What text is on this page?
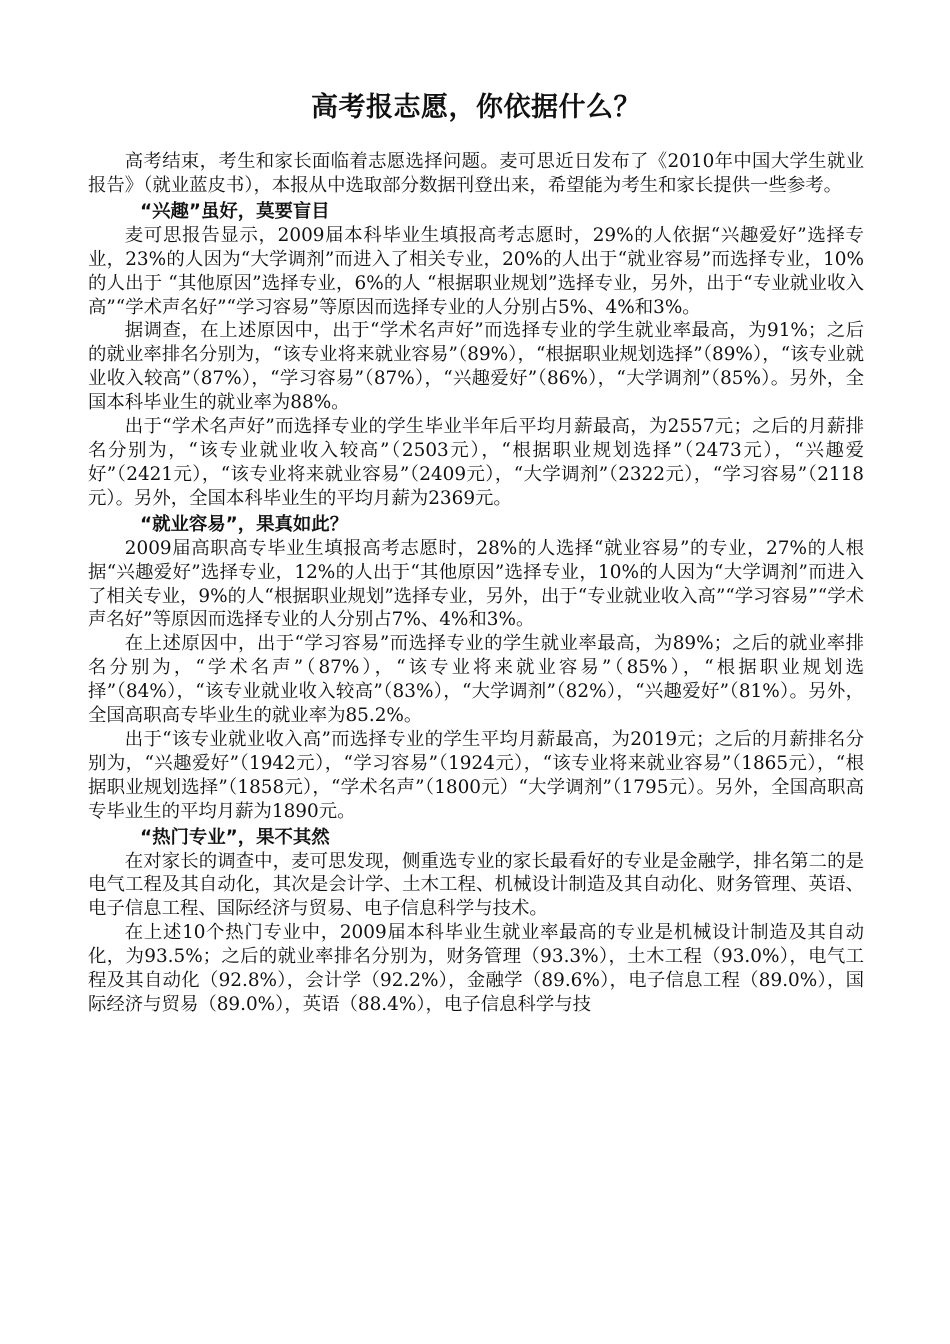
高考报志愿，你依据什么？

高考结束，考生和家长面临着志愿选择问题。麦可思近日发布了《2010年中国大学生就业报告》（就业蓝皮书），本报从中选取部分数据刊登出来，希望能为考生和家长提供一些参考。

“兴趣”虽好，莫要盲目

麦可思报告显示，2009届本科毕业生填报高考志愿时，29%的人依据“兴趣爱好”选择专业，23%的人因为“大学调剂”而进入了相关专业，20%的人出于“就业容易”而选择专业，10%的人出于 “其他原因”选择专业，6%的人 “根据职业规划”选择专业，另外，出于“专业就业收入高”“学术声名好”“学习容易”等原因而选择专业的人分别占5%、4%和3%。

据调查，在上述原因中，出于“学术名声好”而选择专业的学生就业率最高，为91%；之后的就业率排名分别为，“该专业将来就业容易”（89%），“根据职业规划选择”（89%），“该专业就业收入较高”（87%），“学习容易”（87%），“兴趣爱好”（86%），“大学调剂”（85%）。另外，全国本科毕业生的就业率为88%。

出于“学术名声好”而选择专业的学生毕业半年后平均月薪最高，为2557元；之后的月薪排名分别为，“该专业就业收入较高”（2503元），“根据职业规划选择”（2473元），“兴趣爱好”（2421元），“该专业将来就业容易”（2409元），“大学调剂”（2322元），“学习容易”（2118元）。另外，全国本科毕业生的平均月薪为2369元。

“就业容易”，果真如此？

2009届高职高专毕业生填报高考志愿时，28%的人选择“就业容易”的专业，27%的人根据“兴趣爱好”选择专业，12%的人出于“其他原因”选择专业，10%的人因为“大学调剂”而进入了相关专业，9%的人“根据职业规划”选择专业，另外，出于“专业就业收入高”“学习容易”“学术声名好”等原因而选择专业的人分别占7%、4%和3%。

在上述原因中，出于“学习容易”而选择专业的学生就业率最高，为89%；之后的就业率排名分别为，“学术名声”（87%），“该专业将来就业容易”（85%），“根据职业规划选择”（84%），“该专业就业收入较高”（83%），“大学调剂”（82%），“兴趣爱好”（81%）。另外，全国高职高专毕业生的就业率为85.2%。

出于“该专业就业收入高”而选择专业的学生平均月薪最高，为2019元；之后的月薪排名分别为，“兴趣爱好”（1942元），“学习容易”（1924元），“该专业将来就业容易”（1865元），“根据职业规划选择”（1858元），“学术名声”（1800元）“大学调剂”（1795元）。另外，全国高职高专毕业生的平均月薪为1890元。

“热门专业”，果不其然

在对家长的调查中，麦可思发现，侧重选专业的家长最看好的专业是金融学，排名第二的是电气工程及其自动化，其次是会计学、土木工程、机械设计制造及其自动化、财务管理、英语、电子信息工程、国际经济与贸易、电子信息科学与技术。

在上述10个热门专业中，2009届本科毕业生就业率最高的专业是机械设计制造及其自动化，为93.5%；之后的就业率排名分别为，财务管理（93.3%），土木工程（93.0%），电气工程及其自动化（92.8%），会计学（92.2%），金融学（89.6%），电子信息工程（89.0%），国际经济与贸易（89.0%），英语（88.4%），电子信息科学与技
